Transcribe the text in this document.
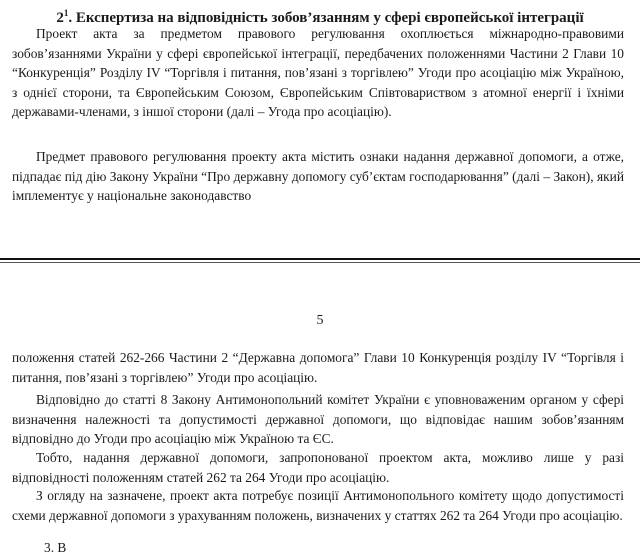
$2^1$. Експертиза на відповідність зобов’язанням у сфері європейської інтеграції

Проект акта за предметом правового регулювання охоплюється міжнародно-правовими зобов’язаннями України у сфері європейської інтеграції, передбачених положеннями Частини 2 Глави 10 “Конкуренція” Розділу IV “Торгівля і питання, пов’язані з торгівлею” Угоди про асоціацію між Україною, з однієї сторони, та Європейським Союзом, Європейським Співтовариством з атомної енергії і їхніми державами-членами, з іншої сторони (далі – Угода про асоціацію).

Предмет правового регулювання проекту акта містить ознаки надання державної допомоги, а отже, підпадає під дію Закону України “Про державну допомогу суб’єктам господарювання” (далі – Закон), який імплементує у національне законодавство

5

положення статей 262-266 Частини 2 “Державна допомога” Глави 10 Конкуренція розділу IV “Торгівля і питання, пов’язані з торгівлею” Угоди про асоціацію.

Відповідно до статті 8 Закону Антимонопольний комітет України є уповноваженим органом у сфері визначення належності та допустимості державної допомоги, що відповідає нашим зобов’язанням відповідно до Угоди про асоціацію між Україною та ЄС.

Тобто, надання державної допомоги, запропонованої проектом акта, можливо лише у разі відповідності положенням статей 262 та 264 Угоди про асоціацію.

З огляду на зазначене, проект акта потребує позиції Антимонопольного комітету щодо допустимості схеми державної допомоги з урахуванням положень, визначених у статтях 262 та 264 Угоди про асоціацію.

3. В
